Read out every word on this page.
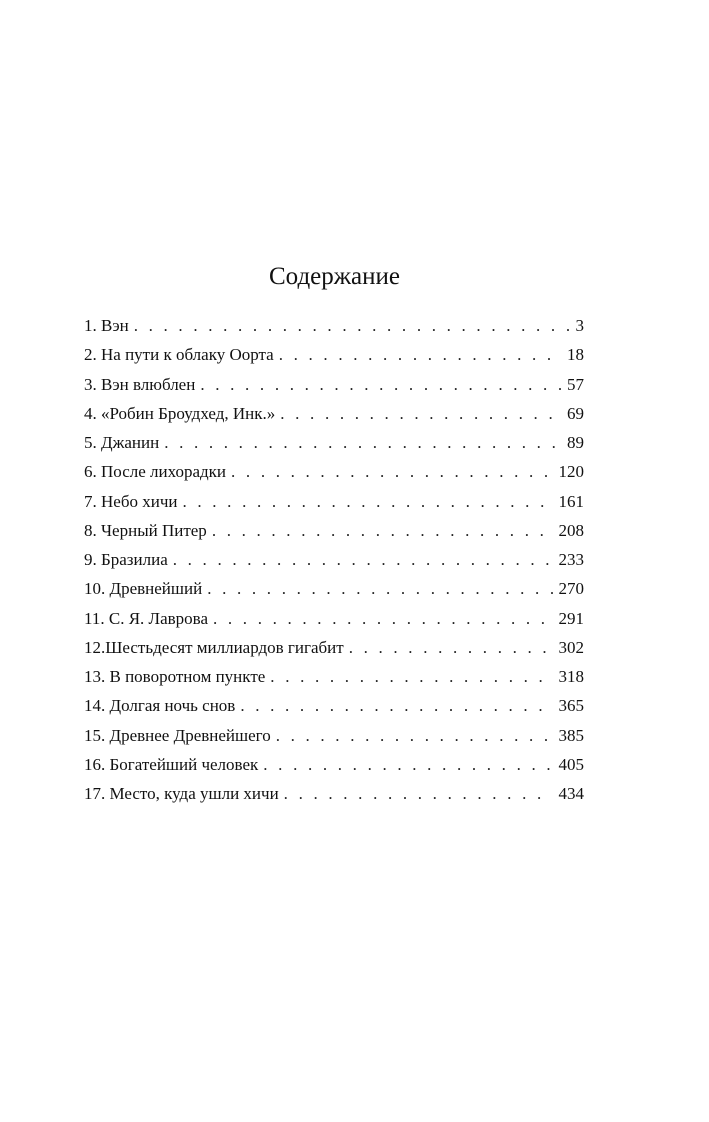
Содержание
1. Вэн . . .	3
2. На пути к облаку Оорта . . .	18
3. Вэн влюблен . . .	57
4. «Робин Броудхед, Инк.» . . .	69
5. Джанин . . .	89
6. После лихорадки . . .	120
7. Небо хичи . . .	161
8. Черный Питер . . .	208
9. Бразилиа . . .	233
10. Древнейший . . .	270
11. С. Я. Лаврова . . .	291
12.Шестьдесят миллиардов гигабит . . .	302
13. В поворотном пункте . . .	318
14. Долгая ночь снов . . .	365
15. Древнее Древнейшего . . .	385
16. Богатейший человек . . .	405
17. Место, куда ушли хичи . . .	434
